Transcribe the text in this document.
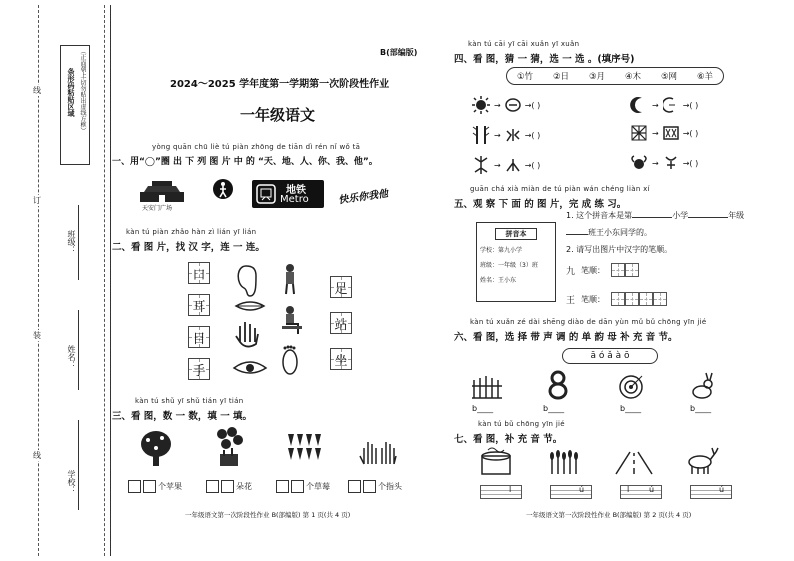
（正面朝上·切勿贴出虚线方框）
条形码粘贴区域
线
订
装
线
班级：
姓名：
学校：
B(部编版)
2024～2025 学年度第一学期第一次阶段性作业
一年级语文
yòng quān chū liè tú piàn zhōng de tiān dì rén nǐ wǒ tā
一、用“◯”圈 出 下 列 图 片 中 的 “天、地、人、你、我、他”。
天安门广场
地铁
Metro	快乐你我他
kàn tú piàn zhǎo hàn zì lián yī lián
二、看 图 片，找 汉 字，连 一 连。
口
耳
目
手
足
站
坐
kàn tú shǔ yī shǔ tián yī tián
三、看 图，数 一 数，填 一 填。
个苹果	朵花	个草莓	个指头
一年级语文第一次阶段性作业 B(部编版) 第 1 页(共 4 页)
kàn tú cāi yī cāi xuǎn yī xuǎn
四、看 图，猜 一 猜，选 一 选 。(填序号)
①竹 ②日 ③月 ④木 ⑤网 ⑥羊
→	→( )
→	→( )
→	→( )
→	→( )
→	→( )
→	→( )
guān chá xià miàn de tú piàn wán chéng liàn xí
五、观 察 下 面 的 图 片，完 成 练 习。
拼音本
学校：第九小学
班级：一年级（3）班
姓名：王小东
1. 这个拼音本是第	小学	年级
班王小东同学的。
2. 请写出图片中汉字的笔顺。
九 笔顺：
王 笔顺：
kàn tú xuǎn zé dài shēng diào de dān yùn mǔ bǔ chōng yīn jié
六、看 图，选 择 带 声 调 的 单 韵 母 补 充 音 节。
ā ó ǎ à ō
b____	b____	b____	b____
kàn tú bǔ chōng yīn jié
七、看 图，补 充 音 节。
l	ú	l ú	ú
一年级语文第一次阶段性作业 B(部编版) 第 2 页(共 4 页)
